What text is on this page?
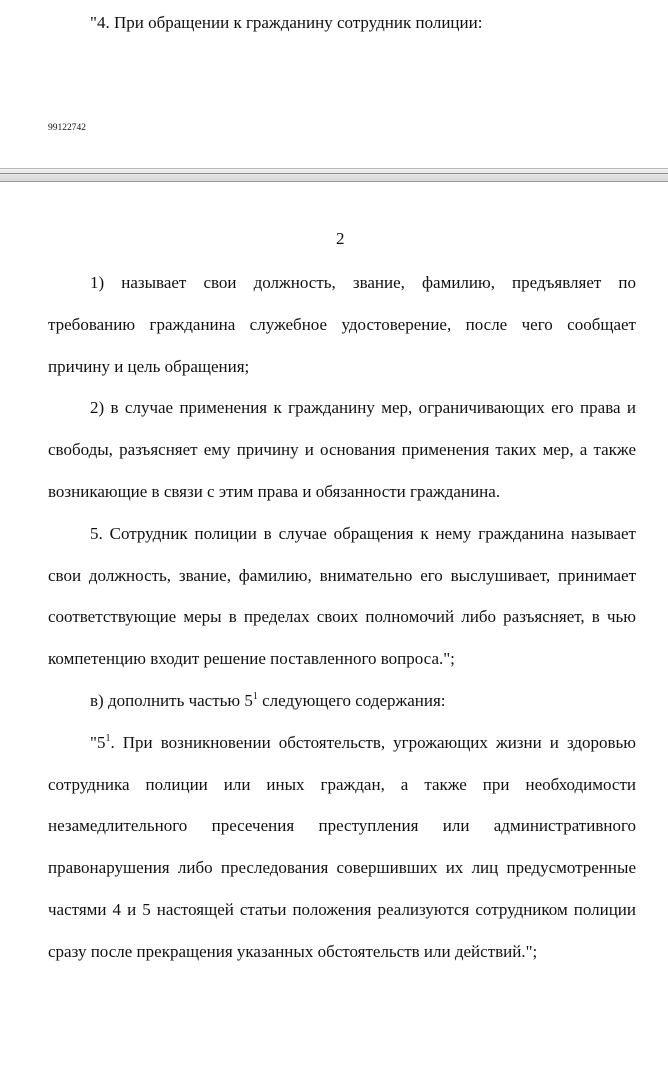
"4. При обращении к гражданину сотрудник полиции:
99122742
2

1) называет свои должность, звание, фамилию, предъявляет по требованию гражданина служебное удостоверение, после чего сообщает причину и цель обращения;

2) в случае применения к гражданину мер, ограничивающих его права и свободы, разъясняет ему причину и основания применения таких мер, а также возникающие в связи с этим права и обязанности гражданина.

5. Сотрудник полиции в случае обращения к нему гражданина называет свои должность, звание, фамилию, внимательно его выслушивает, принимает соответствующие меры в пределах своих полномочий либо разъясняет, в чью компетенцию входит решение поставленного вопроса.";

в) дополнить частью $5^1$ следующего содержания:

"$5^1$. При возникновении обстоятельств, угрожающих жизни и здоровью сотрудника полиции или иных граждан, а также при необходимости незамедлительного пресечения преступления или административного правонарушения либо преследования совершивших их лиц предусмотренные частями 4 и 5 настоящей статьи положения реализуются сотрудником полиции сразу после прекращения указанных обстоятельств или действий.";
